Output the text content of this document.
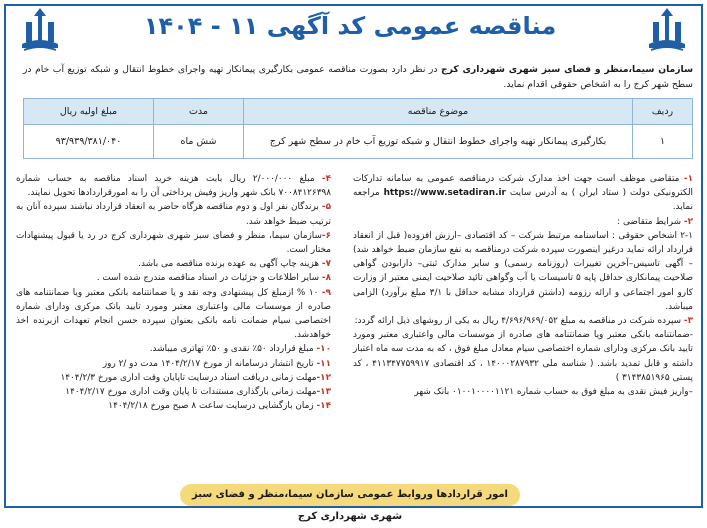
مناقصه عمومی کد آگهی ۱۱ - ۱۴۰۴

سازمان سیما،منظر و فضای سبز شهری شهرداری کرج در نظر دارد بصورت مناقصه عمومی بکارگیری پیمانکار تهیه واجرای خطوط انتقال و شبکه توزیع آب خام در سطح شهر کرج را به اشخاص حقوقی اقدام نماید.

ردیف	موضوع مناقصه	مدت	مبلغ اولیه ریال
۱	بکارگیری پیمانکار تهیه واجرای خطوط انتقال و شبکه توزیع آب خام در سطح شهر کرج	شش ماه	۹۳/۹۳۹/۳۸۱/۰۴۰

۱- متقاضی موظف است جهت اخذ مدارک شرکت درمناقصه عمومی به سامانه تدارکات الکترونیکی دولت ( ستاد ایران ) به آدرس سایت https://www.setadiran.ir مراجعه نماید.

۲- شرایط متقاضی :

۲-۱ اشخاص حقوقی : اساسنامه مرتبط شرکت – کد اقتصادی –ارزش افزوده( قبل از انعقاد قرارداد ارائه نماید درغیر اینصورت سپرده شرکت درمناقصه به نفع سازمان ضبط خواهد شد) – آگهی تاسیس–آخرین تغییرات (روزنامه رسمی) و سایر مدارک ثبتی– دارابودن گواهی صلاحیت پیمانکاری حداقل پایه ۵ تاسیسات یا آب وگواهی تائید صلاحیت ایمنی معتبر از وزارت کارو امور اجتماعی و ارائه رزومه (داشتن قرارداد مشابه حداقل با ۳/۱ مبلغ برآورد) الزامی میباشد.

۳- سپرده شرکت در مناقصه به مبلغ ۴/۶۹۶/۹۶۹/۰۵۲ ریال به یکی از روشهای ذیل ارائه گردد:

-ضمانتنامه بانکی معتبر ویا ضمانتنامه های صادره از موسسات مالی واعتباری معتبر ومورد تایید بانک مرکزی ودارای شماره اختصاصی سیام معادل مبلغ فوق ، که به مدت سه ماه اعتبار داشته و قابل تمدید باشد. ( شناسه ملی ۱۴۰۰۰۲۸۷۹۳۲ ، کد اقتصادی ۴۱۱۳۴۷۷۵۹۹۱۷ ، کد پستی ۳۱۴۳۸۵۱۹۶۵ )

–واریز فیش نقدی به مبلغ فوق به حساب شماره ۰۱۰۰۱۰۰۰۰۱۱۲۱ بانک شهر

۴- مبلغ ۲/۰۰۰/۰۰۰ ریال بابت هزینه خرید اسناد مناقصه به حساب شماره ۷۰۰۸۴۱۲۶۳۹۸ بانک شهر واریز وفیش پرداختی آن را به امورقراردادها تحویل نمایند.

۵- برندگان نفر اول و دوم مناقصه هرگاه حاضر به انعقاد قرارداد نباشند سپرده آنان به ترتیب ضبط خواهد شد.

۶-سازمان سیما، منظر و فضای سبز شهری شهرداری کرج در رد یا قبول پیشنهادات مختار است.

۷- هزینه چاپ آگهی به عهده برنده مناقصه می باشد.

۸- سایر اطلاعات و جزئیات در اسناد مناقصه مندرج شده است .

۹- ۱۰ % ازمبلغ کل پیشنهادی وجه نقد و یا ضمانتنامه بانکی معتبر ویا ضمانتنامه های صادره از موسسات مالی واعتباری معتبر ومورد تایید بانک مرکزی ودارای شماره اختصاصی سیام ضمانت نامه بانکی بعنوان سپرده حسن انجام تعهدات ازبرنده اخذ خواهدشد.

۱۰- مبلغ قرارداد ۵۰٪ نقدی و ۵۰٪ تهاتری میباشد.

۱۱- تاریخ انتشار درسامانه از مورخ ۱۴۰۴/۲/۱۷ مدت دو /۲ روز

۱۲-مهلت زمانی دریافت اسناد درسایت تاپایان وقت اداری مورخ ۱۴۰۴/۲/۳

۱۳-مهلت زمانی بارگذاری مستندات تا پایان وقت اداری مورخ ۱۴۰۴/۲/۱۷

۱۴- زمان بازگشایی درسایت ساعت ۸ صبح مورخ ۱۴۰۴/۲/۱۸

امور قراردادها وروابط عمومی سازمان سیما،منظر و فضای سبز شهری شهرداری کرج
